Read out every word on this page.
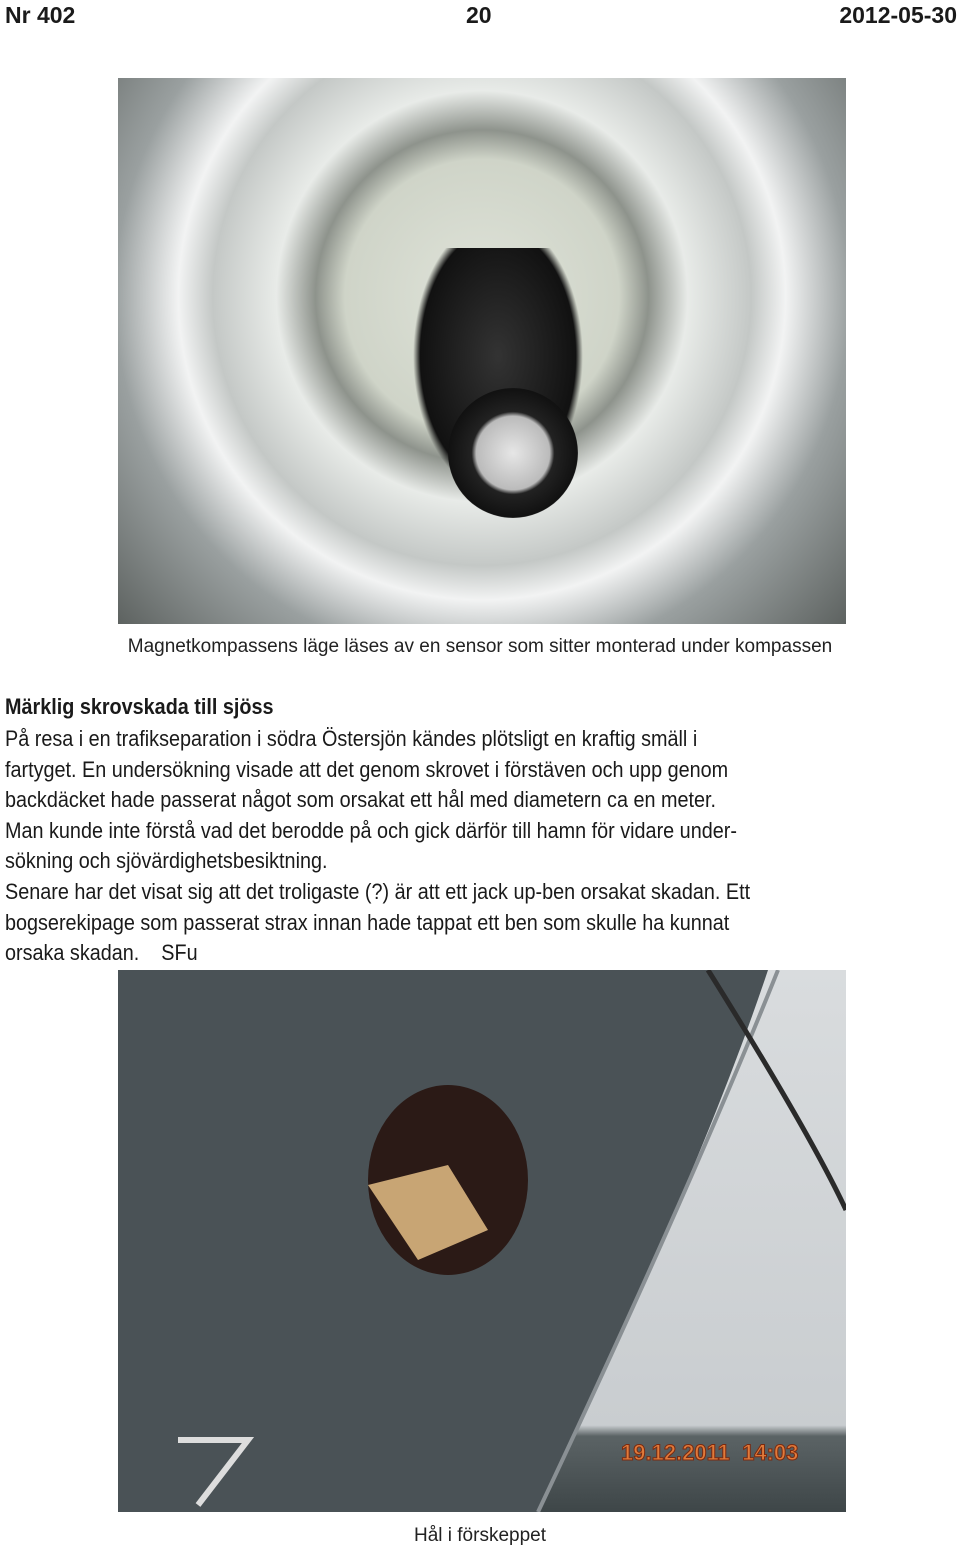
Nr 402	20	2012-05-30
Magnetkompassens läge läses av en sensor som sitter monterad under kompassen
Märklig skrovskada till sjöss
På resa i en trafikseparation i södra Östersjön kändes plötsligt en kraftig smäll i
fartyget. En undersökning visade att det genom skrovet i förstäven och upp genom
backdäcket hade passerat något som orsakat ett hål med diametern ca en meter.
Man kunde inte förstå vad det berodde på och gick därför till hamn för vidare under-
sökning och sjövärdighetsbesiktning.
Senare har det visat sig att det troligaste (?) är att ett jack up-ben orsakat skadan. Ett
bogserekipage som passerat strax innan hade tappat ett ben som skulle ha kunnat
orsaka skadan.    SFu
19.12.2011  14:03
Hål i förskeppet
